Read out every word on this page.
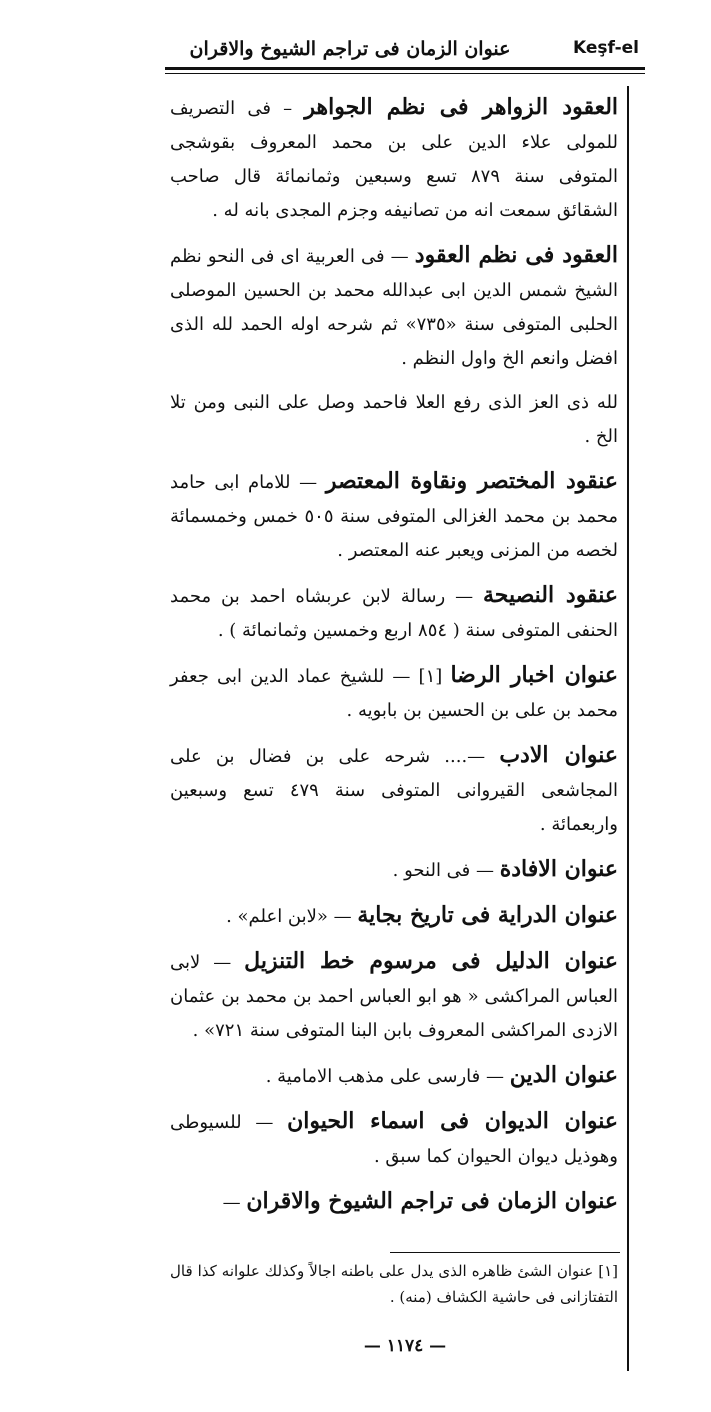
عنوان الزمان فى تراجم الشيوخ والاقران	Keşf-el
العقود الزواهر فى نظم الجواهر – فى التصريف للمولى علاء الدين على بن محمد المعروف بقوشجى المتوفى سنة ٨٧٩ تسع وسبعين وثمانمائة قال صاحب الشقائق سمعت انه من تصانيفه وجزم المجدى بانه له .
العقود فى نظم العقود — فى العربية اى فى النحو نظم الشيخ شمس الدين ابى عبدالله محمد بن الحسين الموصلى الحلبى المتوفى سنة «٧٣٥» ثم شرحه اوله الحمد لله الذى افضل وانعم الخ واول النظم .
لله ذى العز الذى رفع العلا فاحمد وصل على النبى ومن تلا الخ .
عنقود المختصر ونقاوة المعتصر — للامام ابى حامد محمد بن محمد الغزالى المتوفى سنة ٥٠٥ خمس وخمسمائة لخصه من المزنى ويعبر عنه المعتصر .
عنقود النصيحة — رسالة لابن عربشاه احمد بن محمد الحنفى المتوفى سنة ( ٨٥٤ اربع وخمسين وثمانمائة ) .
عنوان اخبار الرضا [١] — للشيخ عماد الدين ابى جعفر محمد بن على بن الحسين بن بابويه .
عنوان الادب —.... شرحه على بن فضال بن على المجاشعى القيروانى المتوفى سنة ٤٧٩ تسع وسبعين واربعمائة .
عنوان الافادة — فى النحو .
عنوان الدراية فى تاريخ بجاية — «لابن اعلم» .
عنوان الدليل فى مرسوم خط التنزيل — لابى العباس المراكشى « هو ابو العباس احمد بن محمد بن عثمان الازدى المراكشى المعروف بابن البنا المتوفى سنة ٧٢١» .
عنوان الدين — فارسى على مذهب الامامية .
عنوان الديوان فى اسماء الحيوان — للسيوطى وهوذيل ديوان الحيوان كما سبق .
عنوان الزمان فى تراجم الشيوخ والاقران —
[١] عنوان الشئ ظاهره الذى يدل على باطنه اجالاً وكذلك علوانه كذا قال التفتازانى فى حاشية الكشاف (منه) .
— ١١٧٤ —
